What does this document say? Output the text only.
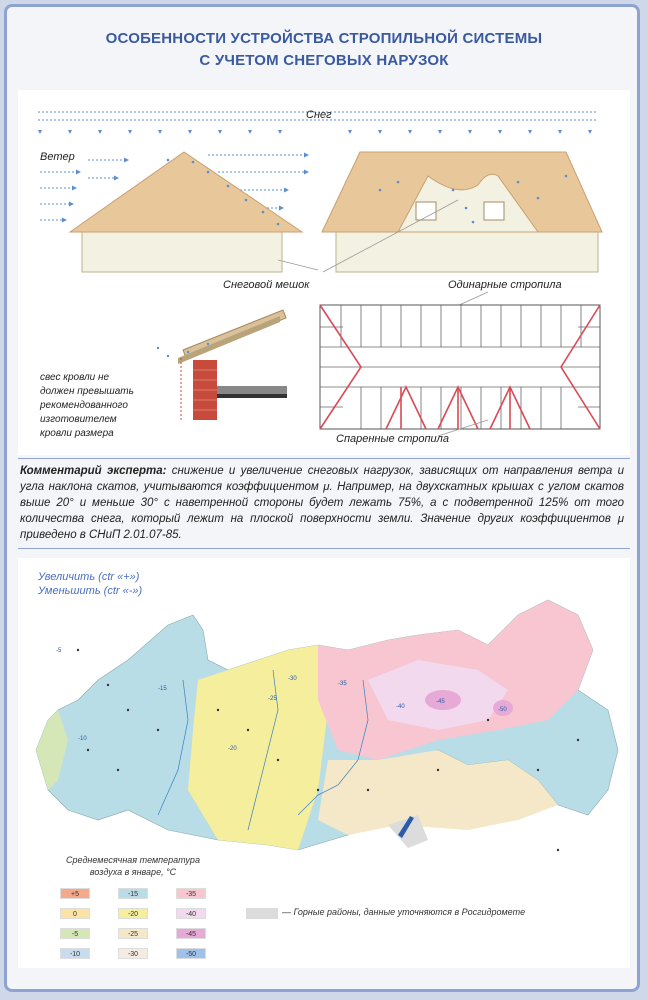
ОСОБЕННОСТИ УСТРОЙСТВА СТРОПИЛЬНОЙ СИСТЕМЫ
С УЧЕТОМ СНЕГОВЫХ НАРУЗОК
Ветер
Снег
Снеговой мешок	Одинарные стропила
свес кровли не
должен превышать
рекомендованного
изготовителем
кровли размера	Спаренные стропила
Комментарий эксперта: снижение и увеличение снеговых нагрузок, зависящих от направления ветра и угла наклона скатов, учитываются коэффициентом μ. Например, на двухскатных крышах с углом скатов выше 20° и меньше 30° с наветренной стороны будет лежать 75%, а с подветренной 125% от того количества снега, который лежит на плоской поверхности земли. Значение других коэффициентов μ приведено в СНиП 2.01.07-85.
Увеличить (ctr «+»)
Уменьшить (ctr «-»)
-5
-10
-15
-20
-25
-30
-35
-40
-45
-50
Среднемесячная температура
воздуха в январе, °C
+5
0
-5
-10
-15
-20
-25
-30
-35
-40
-45
-50
— Горные районы, данные уточняются в Росгидромете
